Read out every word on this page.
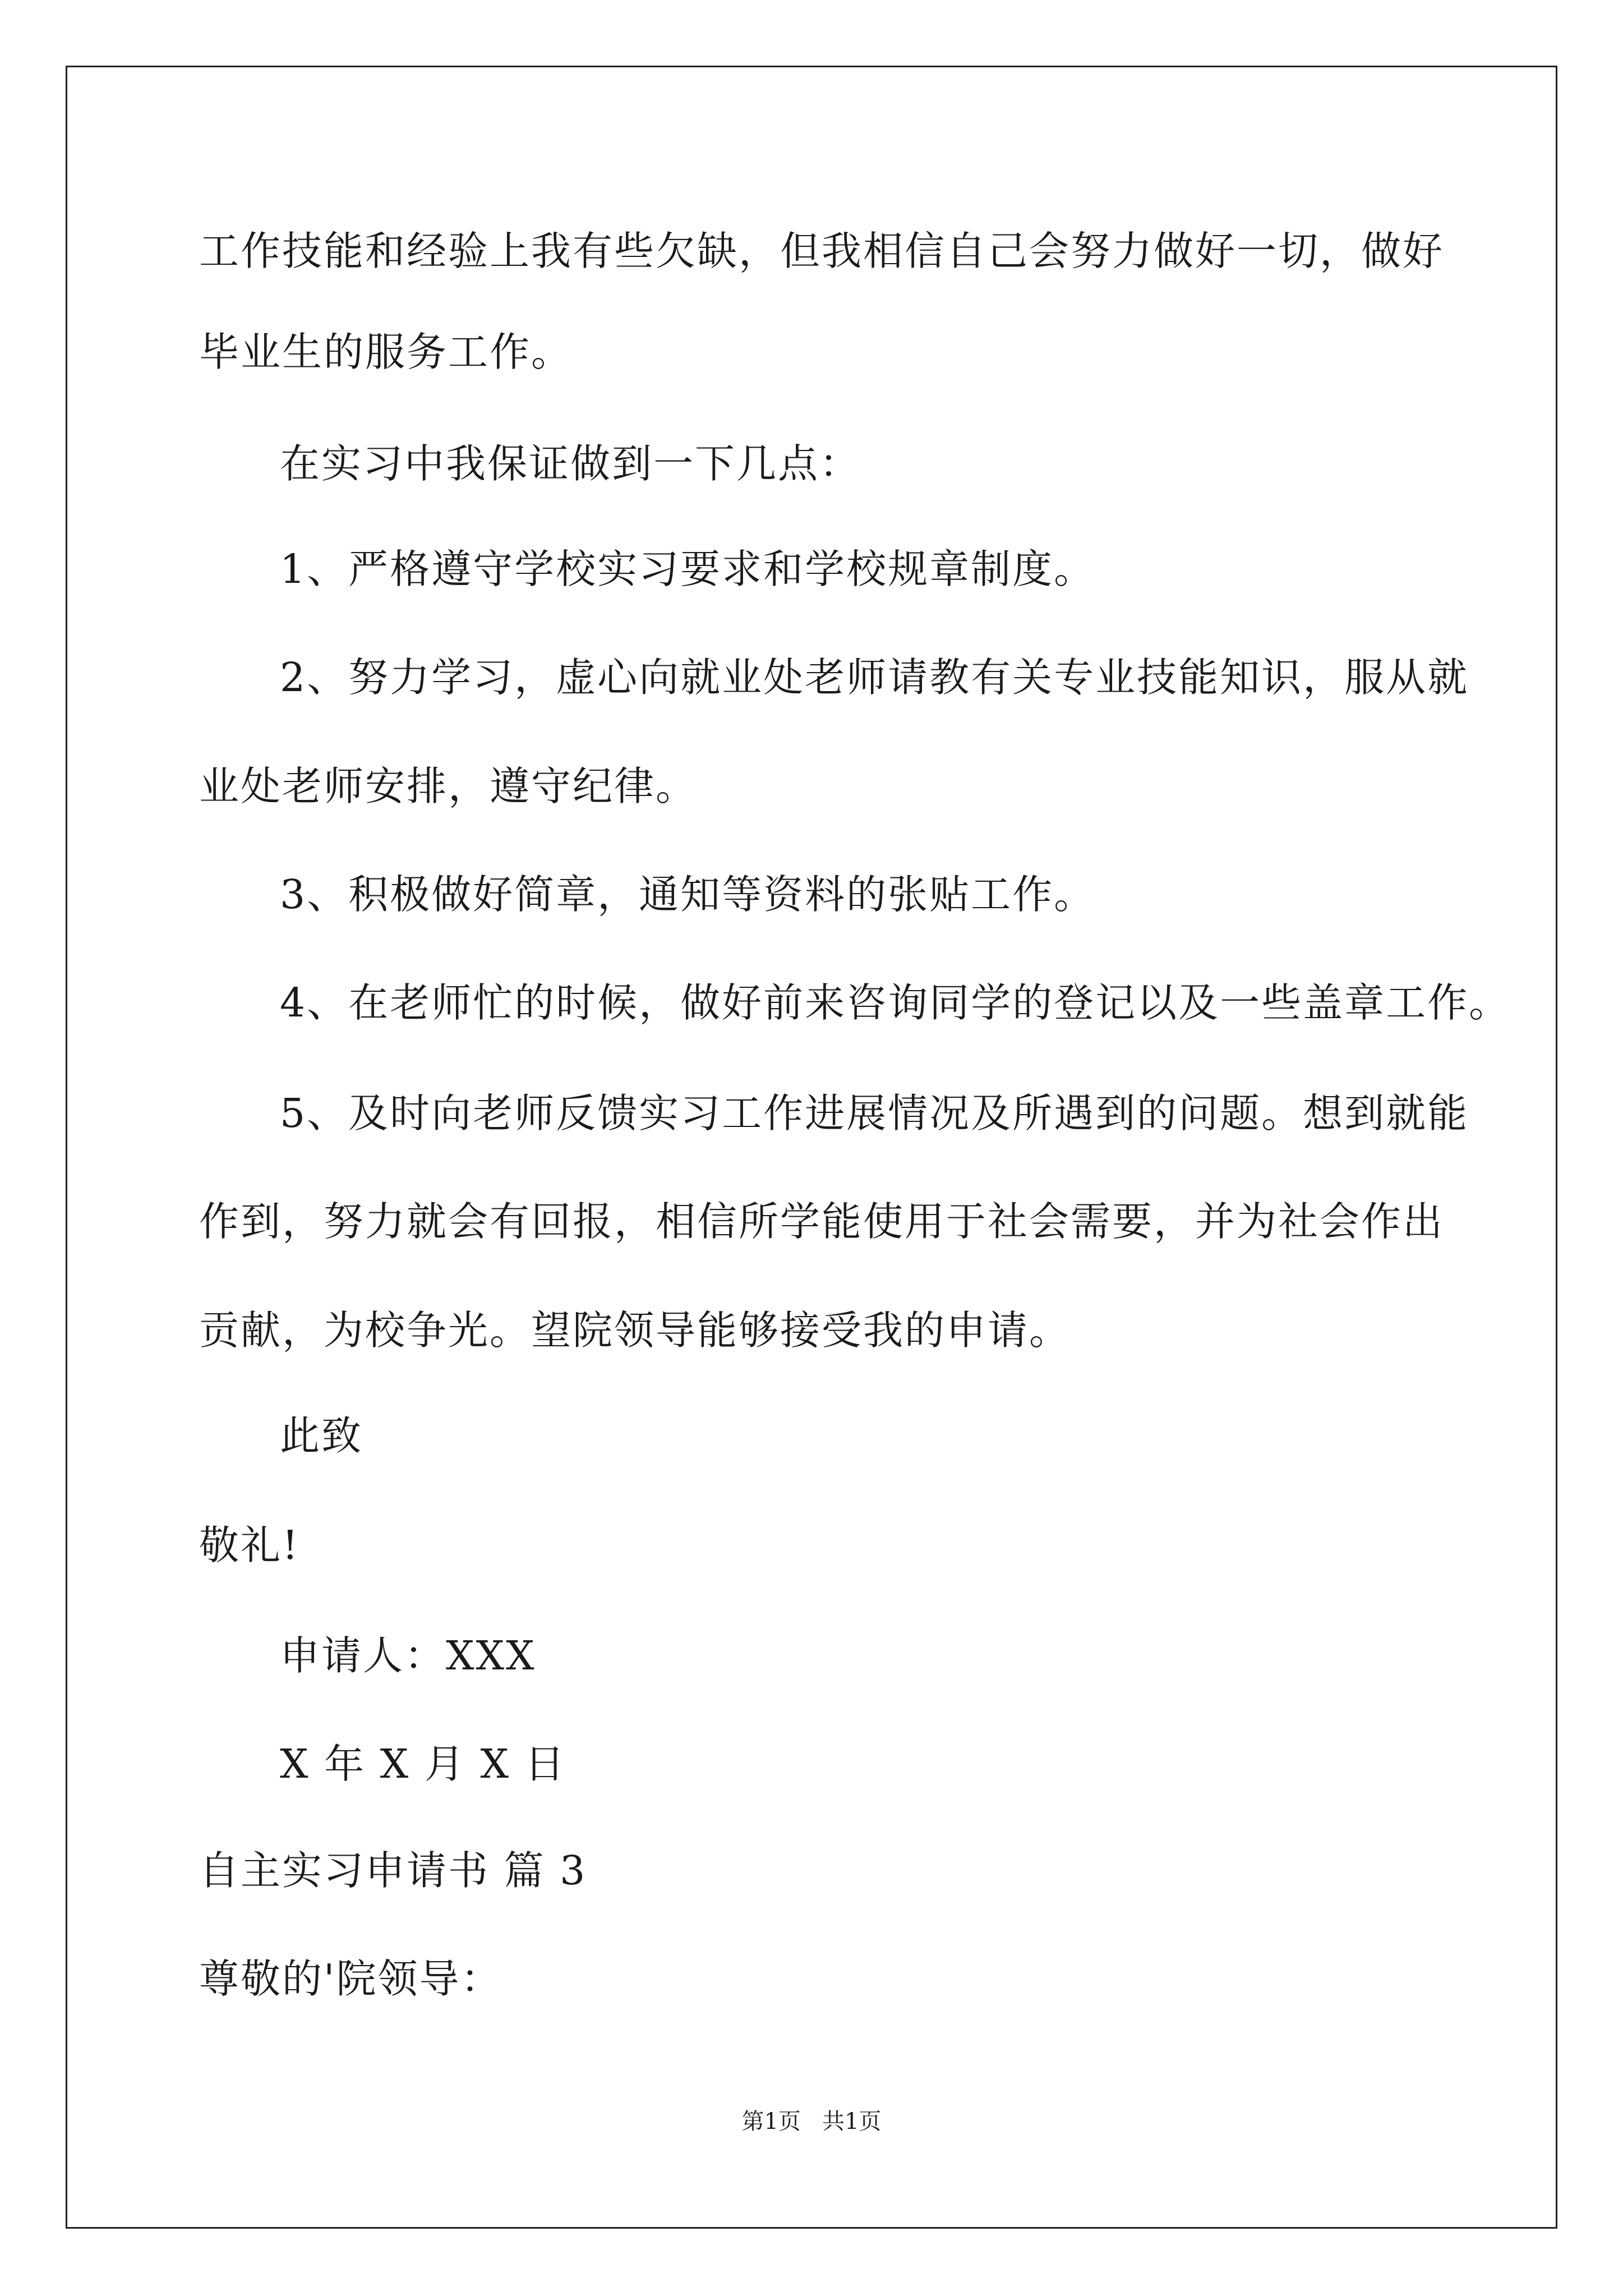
工作技能和经验上我有些欠缺，但我相信自己会努力做好一切，做好
毕业生的服务工作。
在实习中我保证做到一下几点：
1、严格遵守学校实习要求和学校规章制度。
2、努力学习，虚心向就业处老师请教有关专业技能知识，服从就
业处老师安排，遵守纪律。
3、积极做好简章，通知等资料的张贴工作。
4、在老师忙的时候，做好前来咨询同学的登记以及一些盖章工作。
5、及时向老师反馈实习工作进展情况及所遇到的问题。想到就能
作到，努力就会有回报，相信所学能使用于社会需要，并为社会作出
贡献，为校争光。望院领导能够接受我的申请。
此致
敬礼!
申请人：XXX
X 年 X 月 X 日
自主实习申请书 篇 3
尊敬的'院领导：
第1页   共1页
